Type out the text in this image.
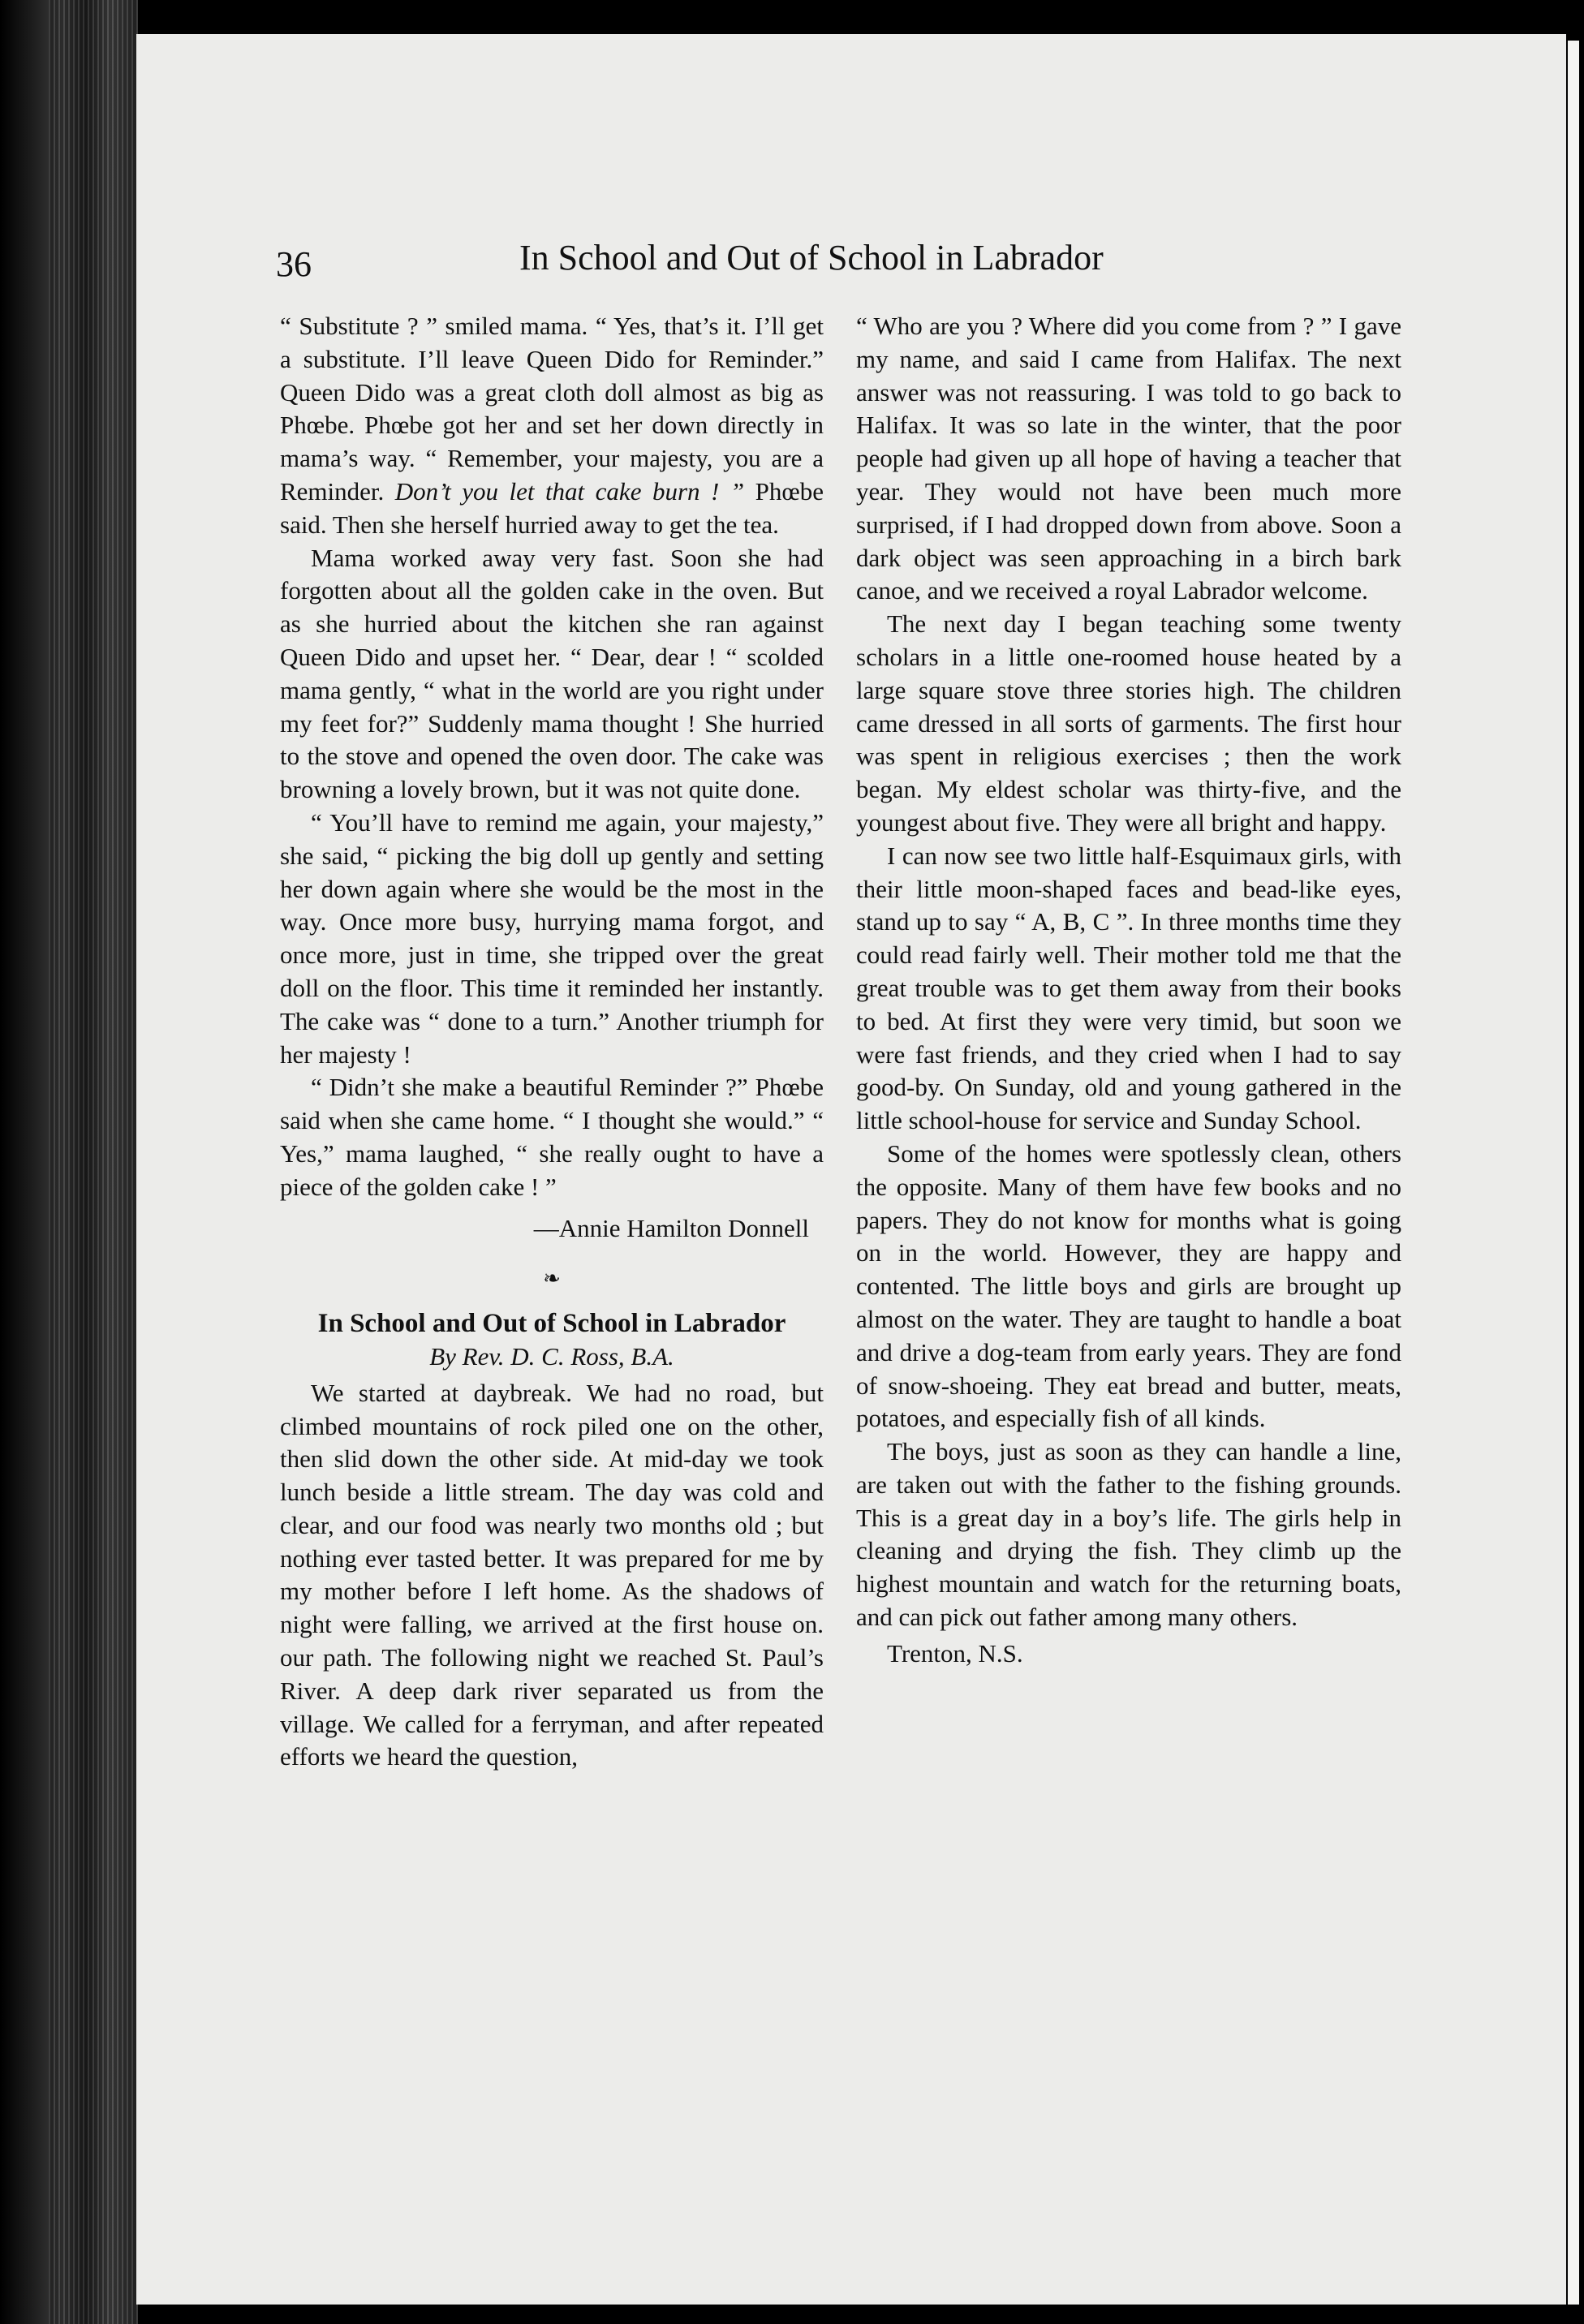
36	In School and Out of School in Labrador

“ Substitute ? ” smiled mama. “ Yes, that’s it. I’ll get a substitute. I’ll leave Queen Dido for Reminder.” Queen Dido was a great cloth doll almost as big as Phœbe. Phœbe got her and set her down directly in mama’s way. “ Remember, your majesty, you are a Reminder. Don’t you let that cake burn ! ” Phœbe said. Then she herself hurried away to get the tea.

Mama worked away very fast. Soon she had forgotten about all the golden cake in the oven. But as she hurried about the kitchen she ran against Queen Dido and upset her. “ Dear, dear ! “ scolded mama gently, “ what in the world are you right under my feet for?” Suddenly mama thought ! She hurried to the stove and opened the oven door. The cake was browning a lovely brown, but it was not quite done.

“ You’ll have to remind me again, your majesty,” she said, “ picking the big doll up gently and setting her down again where she would be the most in the way. Once more busy, hurrying mama forgot, and once more, just in time, she tripped over the great doll on the floor. This time it reminded her instantly. The cake was “ done to a turn.” Another triumph for her majesty !

“ Didn’t she make a beautiful Reminder ?” Phœbe said when she came home. “ I thought she would.” “ Yes,” mama laughed, “ she really ought to have a piece of the golden cake ! ”

—Annie Hamilton Donnell
❧
In School and Out of School in Labrador
By Rev. D. C. Ross, B.A.

We started at daybreak. We had no road, but climbed mountains of rock piled one on the other, then slid down the other side. At mid-day we took lunch beside a little stream. The day was cold and clear, and our food was nearly two months old ; but nothing ever tasted better. It was prepared for me by my mother before I left home. As the shadows of night were falling, we arrived at the first house on. our path. The following night we reached St. Paul’s River. A deep dark river separated us from the village. We called for a ferryman, and after repeated efforts we heard the question,

“ Who are you ? Where did you come from ? ” I gave my name, and said I came from Halifax. The next answer was not reassuring. I was told to go back to Halifax. It was so late in the winter, that the poor people had given up all hope of having a teacher that year. They would not have been much more surprised, if I had dropped down from above. Soon a dark object was seen approaching in a birch bark canoe, and we received a royal Labrador welcome.

The next day I began teaching some twenty scholars in a little one-roomed house heated by a large square stove three stories high. The children came dressed in all sorts of garments. The first hour was spent in religious exercises ; then the work began. My eldest scholar was thirty-five, and the youngest about five. They were all bright and happy.

I can now see two little half-Esquimaux girls, with their little moon-shaped faces and bead-like eyes, stand up to say “ A, B, C ”. In three months time they could read fairly well. Their mother told me that the great trouble was to get them away from their books to bed. At first they were very timid, but soon we were fast friends, and they cried when I had to say good-by. On Sunday, old and young gathered in the little school-house for service and Sunday School.

Some of the homes were spotlessly clean, others the opposite. Many of them have few books and no papers. They do not know for months what is going on in the world. However, they are happy and contented. The little boys and girls are brought up almost on the water. They are taught to handle a boat and drive a dog-team from early years. They are fond of snow-shoeing. They eat bread and butter, meats, potatoes, and especially fish of all kinds.

The boys, just as soon as they can handle a line, are taken out with the father to the fishing grounds. This is a great day in a boy’s life. The girls help in cleaning and drying the fish. They climb up the highest mountain and watch for the returning boats, and can pick out father among many others.

Trenton, N.S.
